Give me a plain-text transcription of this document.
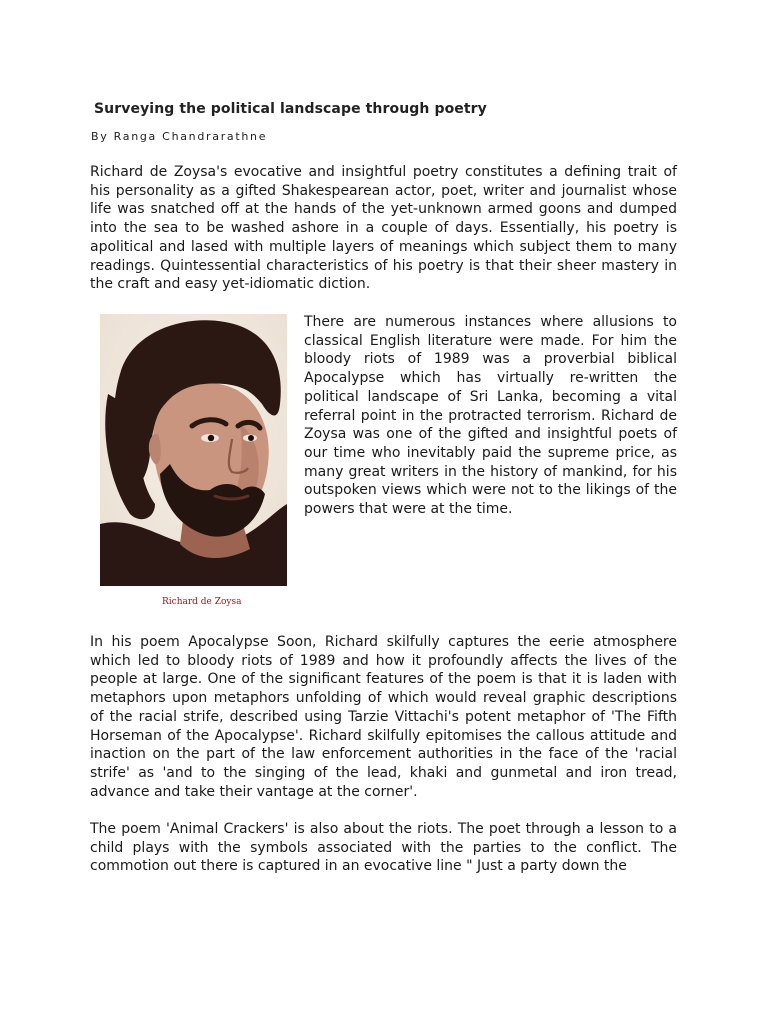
Surveying the political landscape through poetry
By Ranga Chandrarathne

Richard de Zoysa's evocative and insightful poetry constitutes a defining trait of his personality as a gifted Shakespearean actor, poet, writer and journalist whose life was snatched off at the hands of the yet-unknown armed goons and dumped into the sea to be washed ashore in a couple of days. Essentially, his poetry is apolitical and lased with multiple layers of meanings which subject them to many readings. Quintessential characteristics of his poetry is that their sheer mastery in the craft and easy yet-idiomatic diction.

Richard de Zoysa

There are numerous instances where allusions to classical English literature were made. For him the bloody riots of 1989 was a proverbial biblical Apocalypse which has virtually re-written the political landscape of Sri Lanka, becoming a vital referral point in the protracted terrorism. Richard de Zoysa was one of the gifted and insightful poets of our time who inevitably paid the supreme price, as many great writers in the history of mankind, for his outspoken views which were not to the likings of the powers that were at the time.

In his poem Apocalypse Soon, Richard skilfully captures the eerie atmosphere which led to bloody riots of 1989 and how it profoundly affects the lives of the people at large. One of the significant features of the poem is that it is laden with metaphors upon metaphors unfolding of which would reveal graphic descriptions of the racial strife, described using Tarzie Vittachi's potent metaphor of 'The Fifth Horseman of the Apocalypse'. Richard skilfully epitomises the callous attitude and inaction on the part of the law enforcement authorities in the face of the 'racial strife' as 'and to the singing of the lead, khaki and gunmetal and iron tread, advance and take their vantage at the corner'.

The poem 'Animal Crackers' is also about the riots. The poet through a lesson to a child plays with the symbols associated with the parties to the conflict. The commotion out there is captured in an evocative line " Just a party down the
